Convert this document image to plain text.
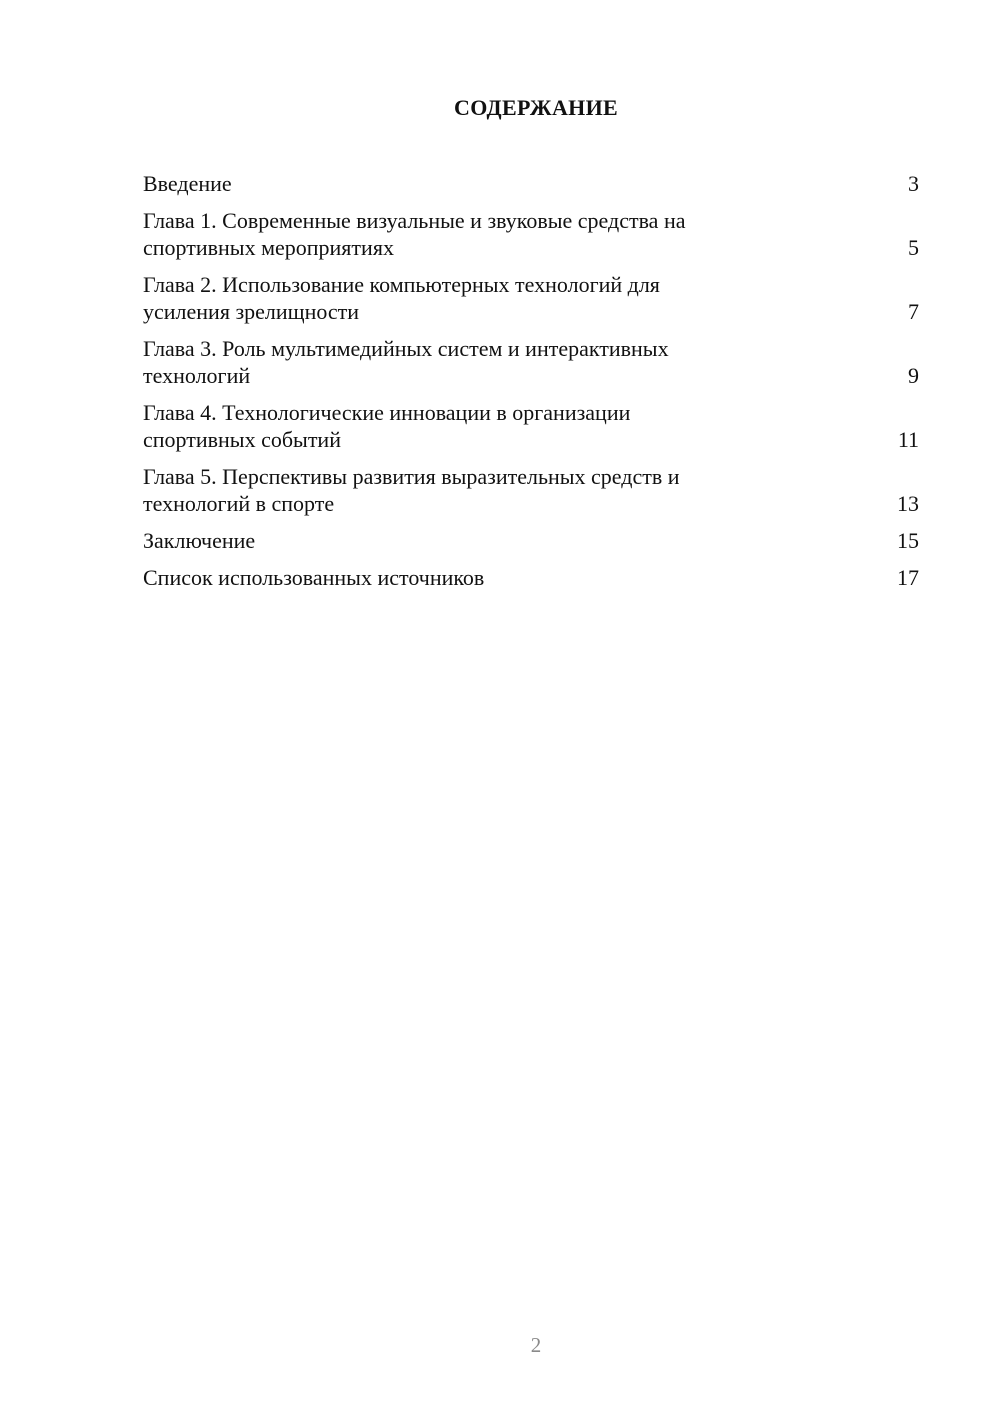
СОДЕРЖАНИЕ
Введение	3
Глава 1. Современные визуальные и звуковые средства на
спортивных мероприятиях	5
Глава 2. Использование компьютерных технологий для
усиления зрелищности	7
Глава 3. Роль мультимедийных систем и интерактивных
технологий	9
Глава 4. Технологические инновации в организации
спортивных событий	11
Глава 5. Перспективы развития выразительных средств и
технологий в спорте	13
Заключение	15
Список использованных источников	17
2
